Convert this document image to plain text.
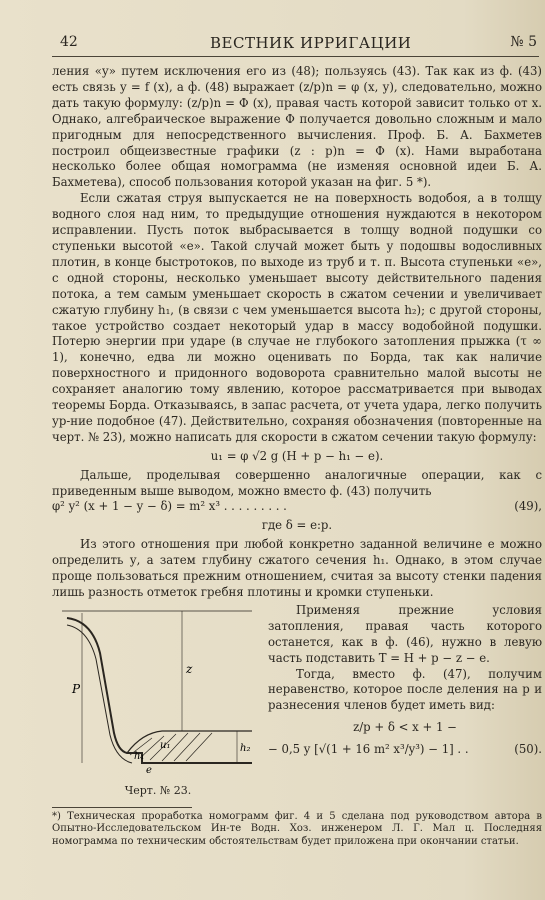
42	ВЕСТНИК ИРРИГАЦИИ	№ 5

ления «у» путем исключения его из (48); пользуясь (43). Так как из ф. (43) есть связь у = f (х), а ф. (48) выражает (z/p)n = φ (х, у), следовательно, можно дать такую формулу: (z/p)n = Φ (х), правая часть которой зависит только от х. Однако, алгебраическое выражение Φ получается довольно сложным и мало пригодным для непосредственного вычисления. Проф. Б. А. Бахметев построил общеизвестные графики (z : p)n = Φ (х). Нами выработана несколько более общая номограмма (не изменяя основной идеи Б. А. Бахметева), способ пользования которой указан на фиг. 5 *).

Если сжатая струя выпускается не на поверхность водобоя, а в толщу водного слоя над ним, то предыдущие отношения нуждаются в некотором исправлении. Пусть поток выбрасывается в толщу водной подушки со ступеньки высотой «е». Такой случай может быть у подошвы водосливных плотин, в конце быстротоков, по выходе из труб и т. п. Высота ступеньки «е», с одной стороны, несколько уменьшает высоту действительного падения потока, а тем самым уменьшает скорость в сжатом сечении и увеличивает сжатую глубину h₁, (в связи с чем уменьшается высота h₂); с другой стороны, такое устройство создает некоторый удар в массу водобойной подушки. Потерю энергии при ударе (в случае не глубокого затопления прыжка (τ ∞ 1), конечно, едва ли можно оценивать по Борда, так как наличие поверхностного и придонного водоворота сравнительно малой высоты не сохраняет аналогию тому явлению, которое рассматривается при выводах теоремы Борда. Отказываясь, в запас расчета, от учета удара, легко получить ур-ние подобное (47). Действительно, сохраняя обозначения (повторенные на черт. № 23), можно написать для скорости в сжатом сечении такую формулу:

u₁ = φ √2 g (H + p − h₁ − e).

Дальше, проделывая совершенно аналогичные операции, как с приведенным выше выводом, можно вместо ф. (43) получить

φ² y² (x + 1 − y − δ) = m² x³ . . . . . . . . .	(49),
где δ = e:p.

Из этого отношения при любой конкретно заданной величине е можно определить у, а затем глубину сжатого сечения h₁. Однако, в этом случае проще пользоваться прежним отношением, считая за высоту стенки падения лишь разность отметок гребня плотины и кромки ступеньки.

P
z
h₁
e
u₁	h₂
Черт. № 23.

Применяя прежние условия затопления, правая часть которого останется, как в ф. (46), нужно в левую часть подставить T = H + p − z − e.

Тогда, вместо ф. (47), получим неравенство, которое после деления на p и разнесения членов будет иметь вид:

z/p + δ < x + 1 −
− 0,5 y [√(1 + 16 m² x³/y³) − 1] . .	(50).

*) Техническая проработка номограмм фиг. 4 и 5 сделана под руководством автора в Опытно-Исследовательском Ин-те Водн. Хоз. инженером Л. Г. Мал ц. Последняя номограмма по техническим обстоятельствам будет приложена при окончании статьи.
